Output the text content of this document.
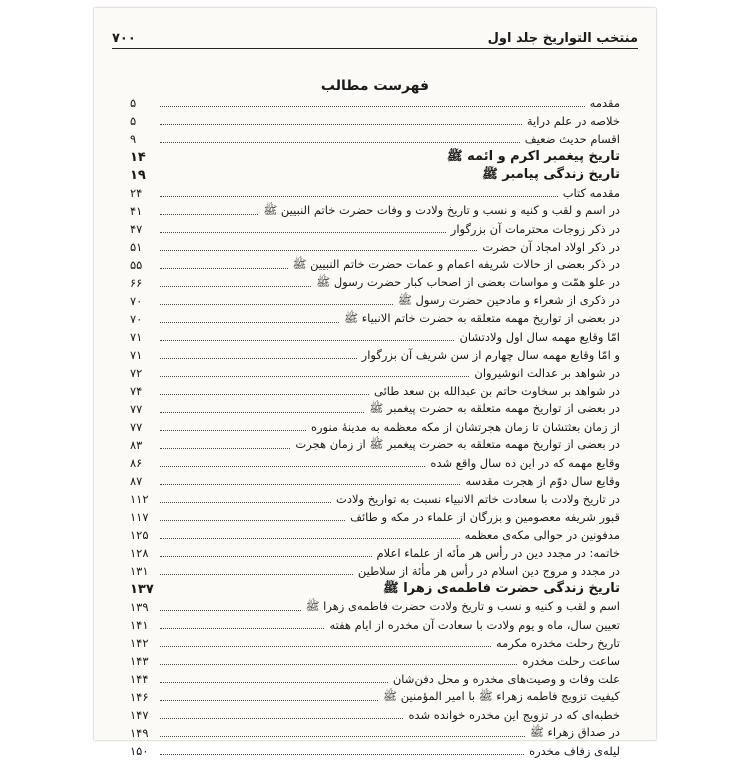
منتخب التواریخ جلد اول
۷۰۰
فهرست مطالب
مقدمه
۵
خلاصه در علم درایة
۵
اقسام حدیث ضعیف
۹
تاریخ پیغمبر اکرم و ائمه ﷺ
۱۴
تاریخ زندگی پیامبر ﷺ
۱۹
مقدمه کتاب
۲۴
در اسم و لقب و کنیه و نسب و تاریخ ولادت و وفات حضرت خاتم النبیین ﷺ
۴۱
در ذکر زوجات محترمات آن بزرگوار
۴۷
در ذکر اولاد امجاد آن حضرت
۵۱
در ذکر بعضی از حالات شریفه اعمام و عمات حضرت خاتم النبیین ﷺ
۵۵
در علو همّت و مواسات بعضی از اصحاب کبار حضرت رسول ﷺ
۶۶
در ذکری از شعراء و مادحین حضرت رسول ﷺ
۷۰
در بعضی از تواریخ مهمه متعلقه به حضرت خاتم الانبیاء ﷺ
۷۰
امّا وقایع مهمه سال اول ولادتشان
۷۱
و امّا وقایع مهمه سال چهارم از سن شریف آن بزرگوار
۷۱
در شواهد بر عدالت انوشیروان
۷۲
در شواهد بر سخاوت حاتم بن عبدالله بن سعد طائی
۷۴
در بعضی از تواریخ مهمه متعلقه به حضرت پیغمبر ﷺ
۷۷
از زمان بعثتشان تا زمان هجرتشان از مکه معظمه به مدینهٔ منوره
۷۷
در بعضی از تواریخ مهمه متعلقه به حضرت پیغمبر ﷺ از زمان هجرت
۸۳
وقایع مهمه که در این ده سال واقع شده
۸۶
وقایع سال دوّم از هجرت مقدسه
۸۷
در تاریخ ولادت با سعادت خاتم الانبیاء نسبت به تواریخ ولادت
۱۱۲
قبور شریفه معصومین و بزرگان از علماء در مکه و طائف
۱۱۷
مدفونین در حوالی مکه‌ی معظمه
۱۲۵
خاتمه: در مجدد دین در رأس هر مأئه از علماء اعلام
۱۲۸
در مجدد و مروج دین اسلام در رأس هر مأئة از سلاطین
۱۳۱
تاریخ زندگی حضرت فاطمه‌ی زهرا ﷺ
۱۳۷
اسم و لقب و کنیه و نسب و تاریخ ولادت حضرت فاطمه‌ی زهرا ﷺ
۱۳۹
تعیین سال، ماه و یوم ولادت با سعادت آن مخدره از ایام هفته
۱۴۱
تاریخ رحلت مخدره مکرمه
۱۴۲
ساعت رحلت مخدره
۱۴۳
علت وفات و وصیت‌های مخدره و محل دفن‌شان
۱۴۴
کیفیت تزویج فاطمه زهراء ﷺ با امیر المؤمنین ﷺ
۱۴۶
خطبه‌ای که در تزویج این مخدره خوانده شده
۱۴۷
در صداق زهراء ﷺ
۱۴۹
لیله‌ی زفاف مخدره
۱۵۰
